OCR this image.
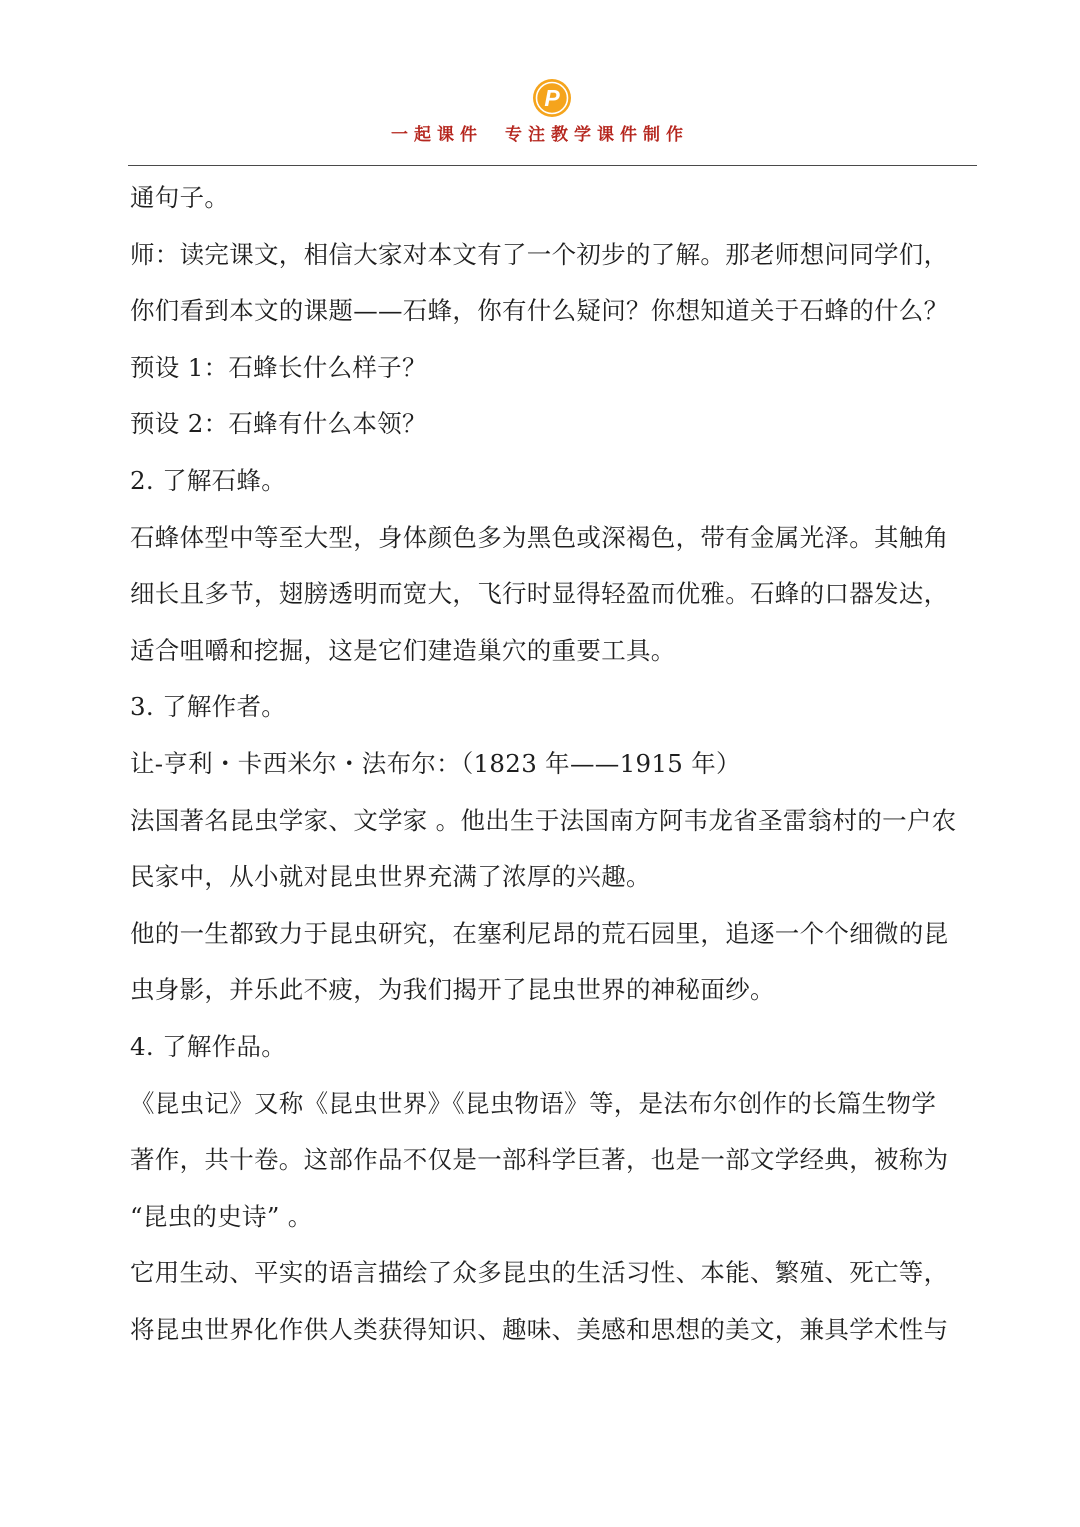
P
一起课件 专注教学课件制作
通句子。
师：读完课文，相信大家对本文有了一个初步的了解。那老师想问同学们，
你们看到本文的课题——石蜂，你有什么疑问？你想知道关于石蜂的什么？
预设 1：石蜂长什么样子？
预设 2：石蜂有什么本领？
2. 了解石蜂。
石蜂体型中等至大型，身体颜色多为黑色或深褐色，带有金属光泽。其触角
细长且多节，翅膀透明而宽大，飞行时显得轻盈而优雅。石蜂的口器发达，
适合咀嚼和挖掘，这是它们建造巢穴的重要工具。
3. 了解作者。
让-亨利・卡西米尔・法布尔：（1823 年——1915 年）
法国著名昆虫学家、文学家 。他出生于法国南方阿韦龙省圣雷翁村的一户农
民家中，从小就对昆虫世界充满了浓厚的兴趣。
他的一生都致力于昆虫研究，在塞利尼昂的荒石园里，追逐一个个细微的昆
虫身影，并乐此不疲，为我们揭开了昆虫世界的神秘面纱。
4. 了解作品。
《昆虫记》又称《昆虫世界》《昆虫物语》等，是法布尔创作的长篇生物学
著作，共十卷。这部作品不仅是一部科学巨著，也是一部文学经典，被称为
“昆虫的史诗” 。
它用生动、平实的语言描绘了众多昆虫的生活习性、本能、繁殖、死亡等，
将昆虫世界化作供人类获得知识、趣味、美感和思想的美文，兼具学术性与
